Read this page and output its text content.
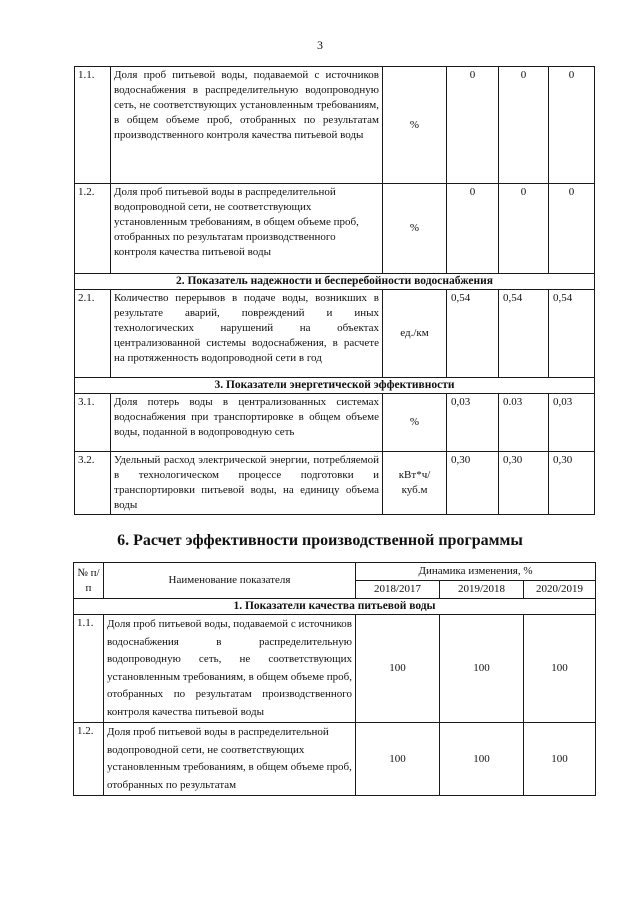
3
1.1.	Доля проб питьевой воды, подаваемой с источников водоснабжения в распределительную водопроводную сеть, не соответствующих установленным требованиям, в общем объеме проб, отобранных по результатам производственного контроля качества питьевой воды	%	0	0	0
1.2.	Доля проб питьевой воды в распределительной водопроводной сети, не соответствующих установленным требованиям, в общем объеме проб, отобранных по результатам производственного контроля качества питьевой воды	%	0	0	0
2. Показатель надежности и бесперебойности водоснабжения					
2.1.	Количество перерывов в подаче воды, возникших в результате аварий, повреждений и иных технологических нарушений на объектах централизованной системы водоснабжения, в расчете на протяженность водопроводной сети в год	ед./км	0,54	0,54	0,54
3. Показатели энергетической эффективности					
3.1.	Доля потерь воды в централизованных системах водоснабжения при транспортировке в общем объеме воды, поданной в водопроводную сеть	%	0,03	0.03	0,03
3.2.	Удельный расход электрической энергии, потребляемой в технологическом процессе подготовки и транспортировки питьевой воды, на единицу объема воды	кВт*ч/ куб.м	0,30	0,30	0,30
6. Расчет эффективности производственной программы
№ п/п	Наименование показателя	Динамика изменения, %		
		2018/2017	2019/2018	2020/2019
1. Показатели качества питьевой воды				
1.1.	Доля проб питьевой воды, подаваемой с источников водоснабжения в распределительную водопроводную сеть, не соответствующих установленным требованиям, в общем объеме проб, отобранных по результатам производственного контроля качества питьевой воды	100	100	100
1.2.	Доля проб питьевой воды в распределительной водопроводной сети, не соответствующих установленным требованиям, в общем объеме проб, отобранных по результатам	100	100	100
